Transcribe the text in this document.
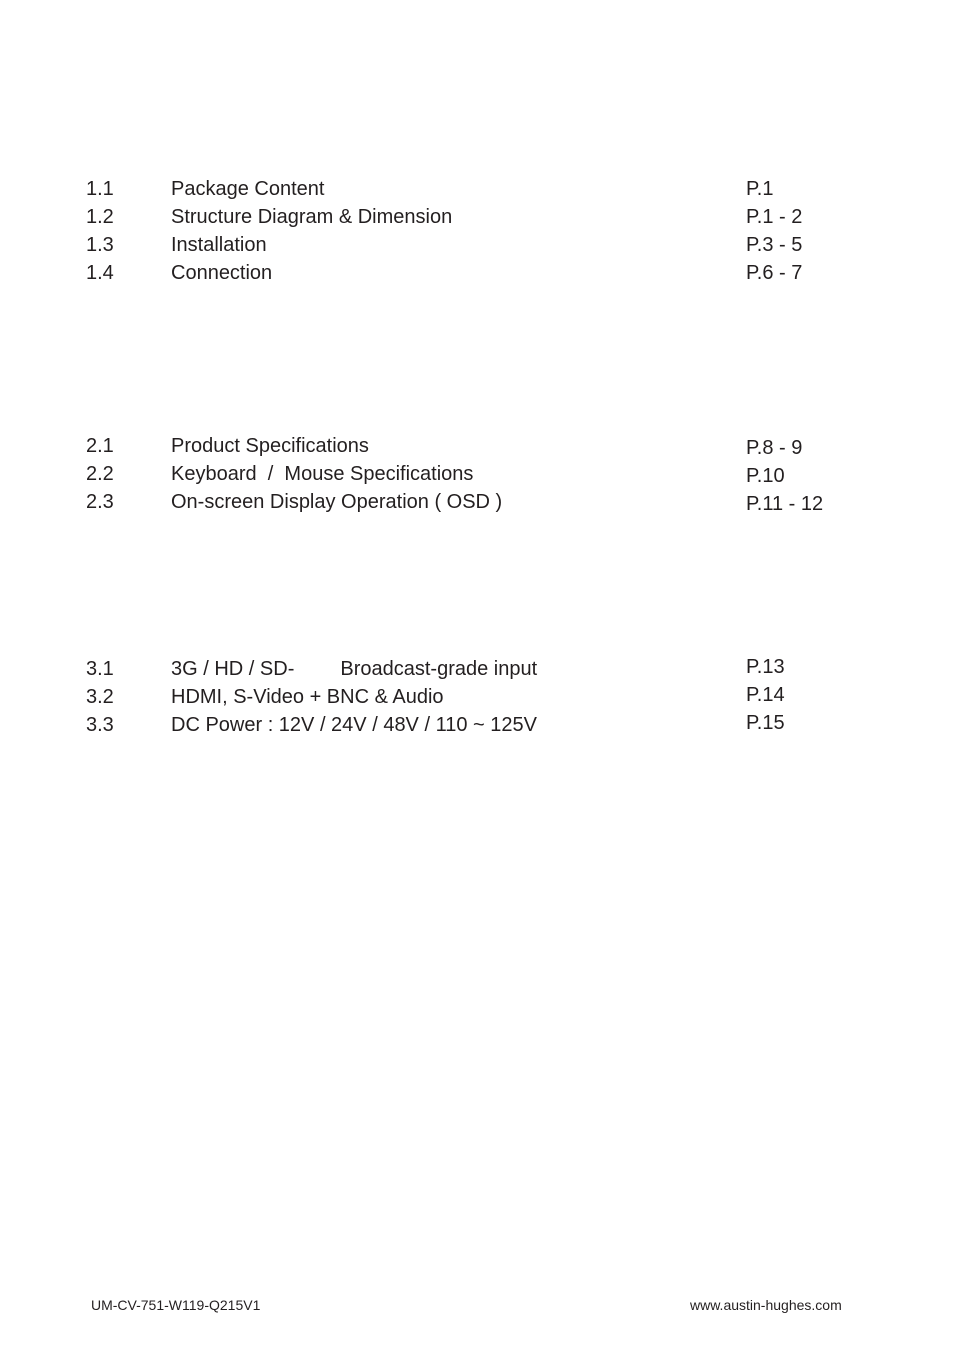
1.1	Package Content	P.1
1.2	Structure Diagram & Dimension	P.1 - 2
1.3	Installation	P.3 - 5
1.4	Connection	P.6 - 7
2.1	Product Specifications	P.8 - 9
2.2	Keyboard  /  Mouse Specifications	P.10
2.3	On-screen Display Operation ( OSD )	P.11 - 12
3.1	3G / HD / SD- Broadcast-grade input	P.13
3.2	HDMI, S-Video + BNC & Audio	P.14
3.3	DC Power : 12V / 24V / 48V / 110 ~ 125V	P.15
UM-CV-751-W119-Q215V1	www.austin-hughes.com
